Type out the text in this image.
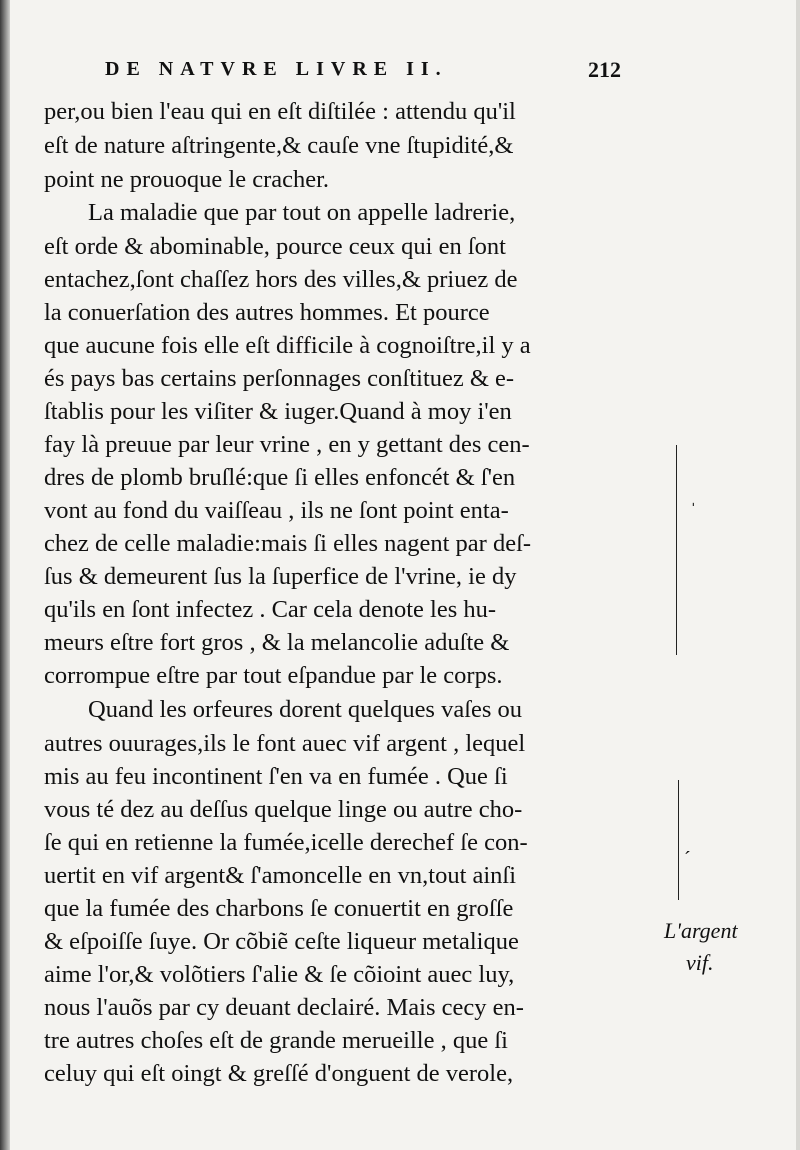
DE NATVRE LIVRE II.	212
per,ou bien l'eau qui en eſt diſtilée : attendu qu'il
eſt de nature aſtringente,& cauſe vne ſtupidité,&
point ne prouoque le cracher.
La maladie que par tout on appelle ladrerie,
eſt orde & abominable, pource ceux qui en ſont
entachez,ſont chaſſez hors des villes,& priuez de
la conuerſation des autres hommes. Et pource
que aucune fois elle eſt difficile à cognoiſtre,il y a
és pays bas certains perſonnages conſtituez & e-
ſtablis pour les viſiter & iuger.Quand à moy i'en
fay là preuue par leur vrine , en y gettant des cen-
dres de plomb bruſlé:que ſi elles enfoncét & ſ'en
vont au fond du vaiſſeau , ils ne ſont point enta-
chez de celle maladie:mais ſi elles nagent par deſ-
ſus & demeurent ſus la ſuperfice de l'vrine, ie dy
qu'ils en ſont infectez . Car cela denote les hu-
meurs eſtre fort gros , & la melancolie aduſte &
corrompue eſtre par tout eſpandue par le corps.
Quand les orfeures dorent quelques vaſes ou
autres ouurages,ils le font auec vif argent , lequel
mis au feu incontinent ſ'en va en fumée . Que ſi
vous té dez au deſſus quelque linge ou autre cho-
ſe qui en retienne la fumée,icelle derechef ſe con-
uertit en vif argent& ſ'amoncelle en vn,tout ainſi
que la fumée des charbons ſe conuertit en groſſe
& eſpoiſſe ſuye. Or cõbiẽ ceſte liqueur metalique
aime l'or,& volõtiers ſ'alie & ſe cõioint auec luy,
nous l'auõs par cy deuant declairé. Mais cecy en-
tre autres choſes eſt de grande merueille , que ſi
celuy qui eſt oingt & greſſé d'onguent de verole,
ˈ
ˊ
L'argent
vif.
